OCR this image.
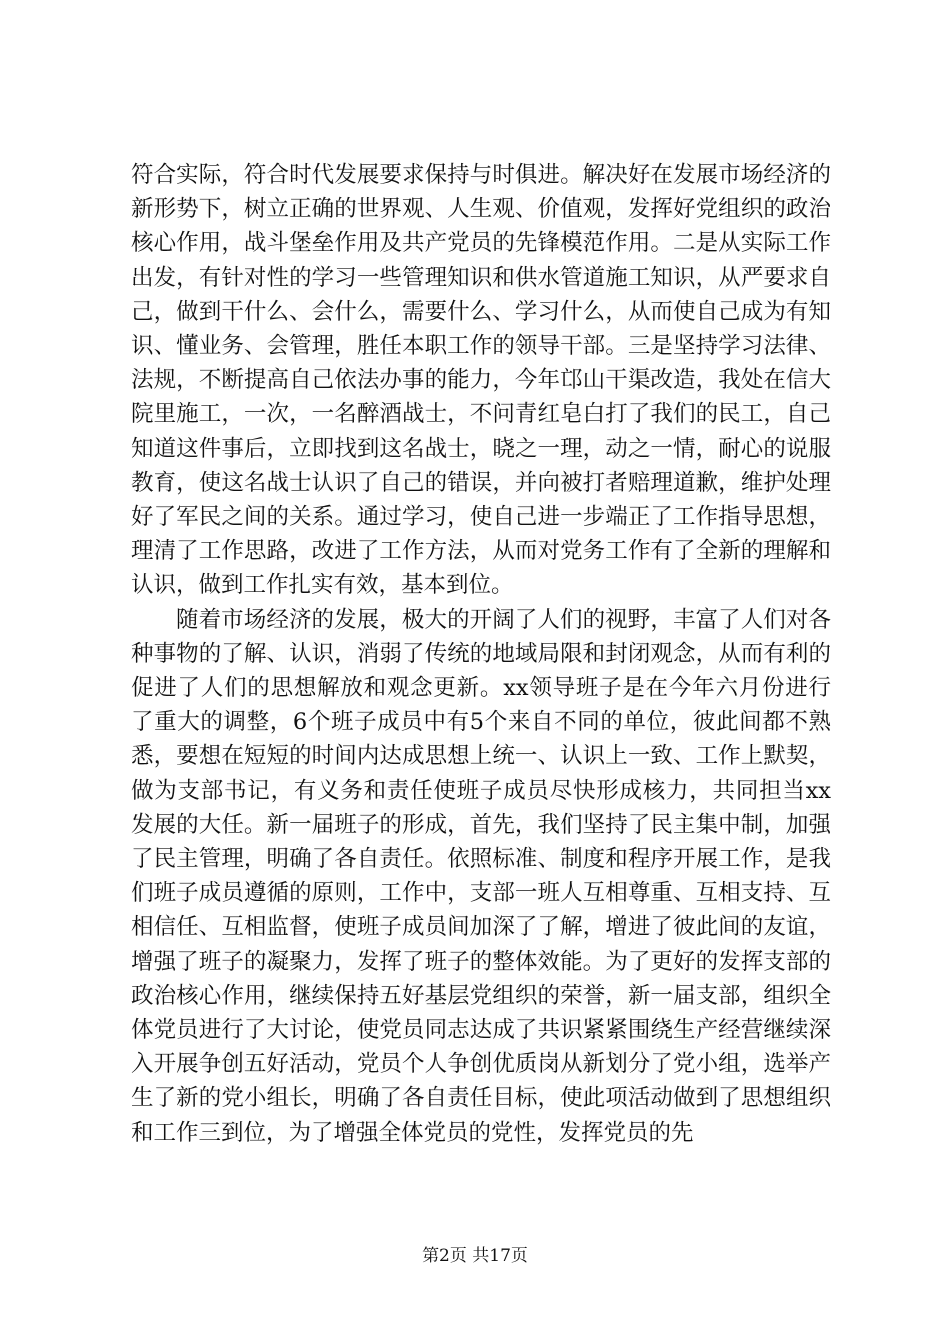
符合实际，符合时代发展要求保持与时俱进。解决好在发展市场经济的新形势下，树立正确的世界观、人生观、价值观，发挥好党组织的政治核心作用，战斗堡垒作用及共产党员的先锋模范作用。二是从实际工作出发，有针对性的学习一些管理知识和供水管道施工知识，从严要求自己，做到干什么、会什么，需要什么、学习什么，从而使自己成为有知识、懂业务、会管理，胜任本职工作的领导干部。三是坚持学习法律、法规，不断提高自己依法办事的能力，今年邙山干渠改造，我处在信大院里施工，一次，一名醉酒战士，不问青红皂白打了我们的民工，自己知道这件事后，立即找到这名战士，晓之一理，动之一情，耐心的说服教育，使这名战士认识了自己的错误，并向被打者赔理道歉，维护处理好了军民之间的关系。通过学习，使自己进一步端正了工作指导思想，理清了工作思路，改进了工作方法，从而对党务工作有了全新的理解和认识，做到工作扎实有效，基本到位。

随着市场经济的发展，极大的开阔了人们的视野，丰富了人们对各种事物的了解、认识，消弱了传统的地域局限和封闭观念，从而有利的促进了人们的思想解放和观念更新。xx领导班子是在今年六月份进行了重大的调整，6个班子成员中有5个来自不同的单位，彼此间都不熟悉，要想在短短的时间内达成思想上统一、认识上一致、工作上默契，做为支部书记，有义务和责任使班子成员尽快形成核力，共同担当xx发展的大任。新一届班子的形成，首先，我们坚持了民主集中制，加强了民主管理，明确了各自责任。依照标准、制度和程序开展工作，是我们班子成员遵循的原则，工作中，支部一班人互相尊重、互相支持、互相信任、互相监督，使班子成员间加深了了解，增进了彼此间的友谊，增强了班子的凝聚力，发挥了班子的整体效能。为了更好的发挥支部的政治核心作用，继续保持五好基层党组织的荣誉，新一届支部，组织全体党员进行了大讨论，使党员同志达成了共识紧紧围绕生产经营继续深入开展争创五好活动，党员个人争创优质岗从新划分了党小组，选举产生了新的党小组长，明确了各自责任目标，使此项活动做到了思想组织和工作三到位，为了增强全体党员的党性，发挥党员的先

第2页 共17页
